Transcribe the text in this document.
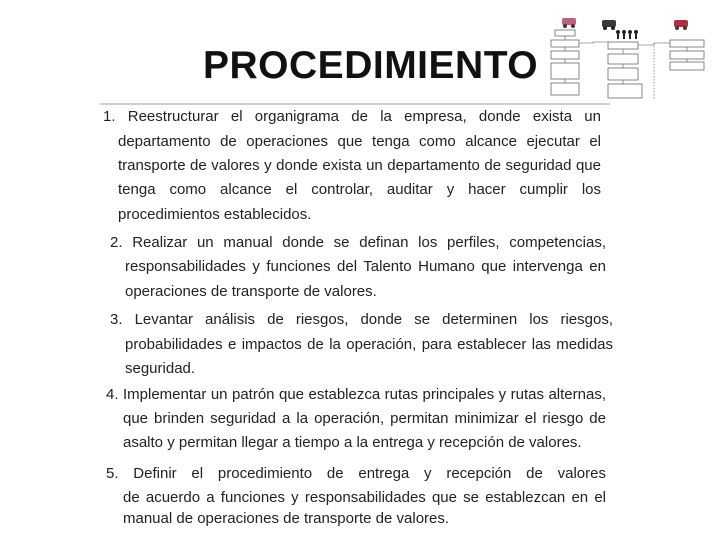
PROCEDIMIENTO
1. Reestructurar el organigrama de la empresa, donde exista un
departamento de operaciones que tenga como alcance ejecutar el
transporte de valores y donde exista un departamento de seguridad que
tenga como alcance el controlar, auditar y hacer cumplir los
procedimientos establecidos.
2. Realizar un manual donde se definan los perfiles, competencias,
responsabilidades y funciones del Talento Humano que intervenga en
operaciones de transporte de valores.
3. Levantar análisis de riesgos, donde se determinen los riesgos,
probabilidades e impactos de la operación, para establecer las medidas
seguridad.
4. Implementar un patrón que establezca rutas principales y rutas alternas,
que brinden seguridad a la operación, permitan minimizar el riesgo de
asalto y permitan llegar a tiempo a la entrega y recepción de valores.
5. Definir el procedimiento de entrega y recepción de valores
de acuerdo a funciones y responsabilidades que se establezcan en el
manual de operaciones de transporte de valores.
